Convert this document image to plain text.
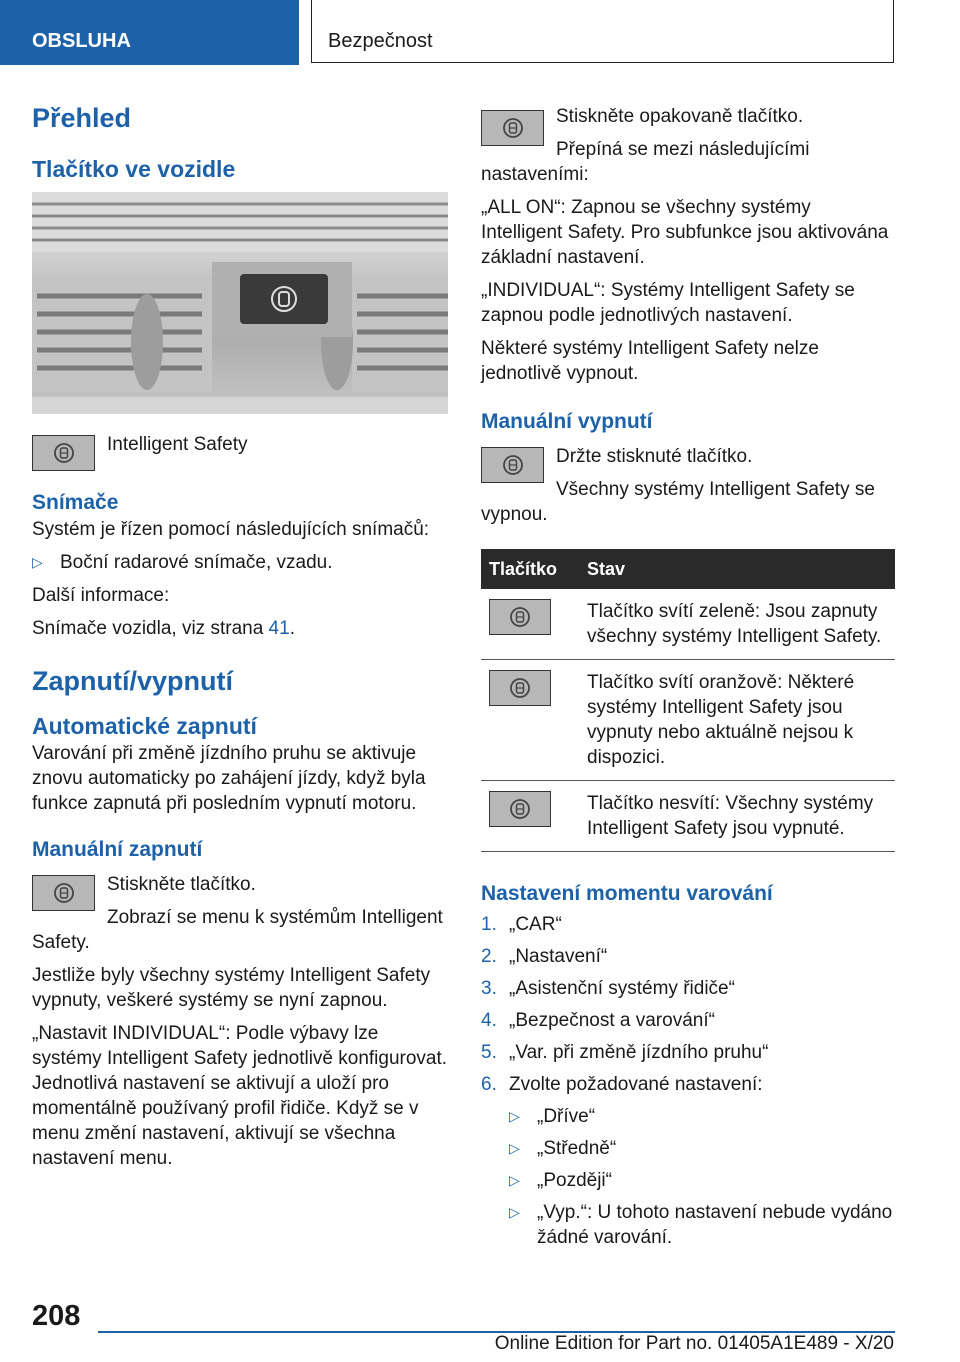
OBSLUHA	Bezpečnost
Přehled
Tlačítko ve vozidle

Intelligent Safety

Snímače

Systém je řízen pomocí následujících snímačů:

▷ Boční radarové snímače, vzadu.

Další informace:

Snímače vozidla, viz strana 41.

Zapnutí/vypnutí
Automatické zapnutí

Varování při změně jízdního pruhu se aktivuje znovu automaticky po zahájení jízdy, když byla funkce zapnutá při posledním vypnutí motoru.

Manuální zapnutí

Stiskněte tlačítko.

Zobrazí se menu k systémům Intelligent Safety.

Jestliže byly všechny systémy Intelligent Safety vypnuty, veškeré systémy se nyní zapnou.

„Nastavit INDIVIDUAL“: Podle výbavy lze systémy Intelligent Safety jednotlivě konfigurovat. Jednotlivá nastavení se aktivují a uloží pro momentálně používaný profil řidiče. Když se v menu změní nastavení, aktivují se všechna nastavení menu.

Stiskněte opakovaně tlačítko.

Přepíná se mezi následujícími nastaveními:

„ALL ON“: Zapnou se všechny systémy Intelligent Safety. Pro subfunkce jsou aktivována základní nastavení.

„INDIVIDUAL“: Systémy Intelligent Safety se zapnou podle jednotlivých nastavení.

Některé systémy Intelligent Safety nelze jednotlivě vypnout.

Manuální vypnutí

Držte stisknuté tlačítko.

Všechny systémy Intelligent Safety se vypnou.

Tlačítko	Stav

	Tlačítko svítí zeleně: Jsou zapnuty všechny systémy Intelligent Safety.

	Tlačítko svítí oranžově: Některé systémy Intelligent Safety jsou vypnuty nebo aktuálně nejsou k dispozici.

	Tlačítko nesvítí: Všechny systémy Intelligent Safety jsou vypnuté.
Nastavení momentu varování
1. „CAR“
2. „Nastavení“
3. „Asistenční systémy řidiče“
4. „Bezpečnost a varování“
5. „Var. při změně jízdního pruhu“
6. Zvolte požadované nastavení:
▷ „Dříve“
▷ „Středně“
▷ „Později“
▷ „Vyp.“: U tohoto nastavení nebude vydáno žádné varování.
208
Online Edition for Part no. 01405A1E489 - X/20
